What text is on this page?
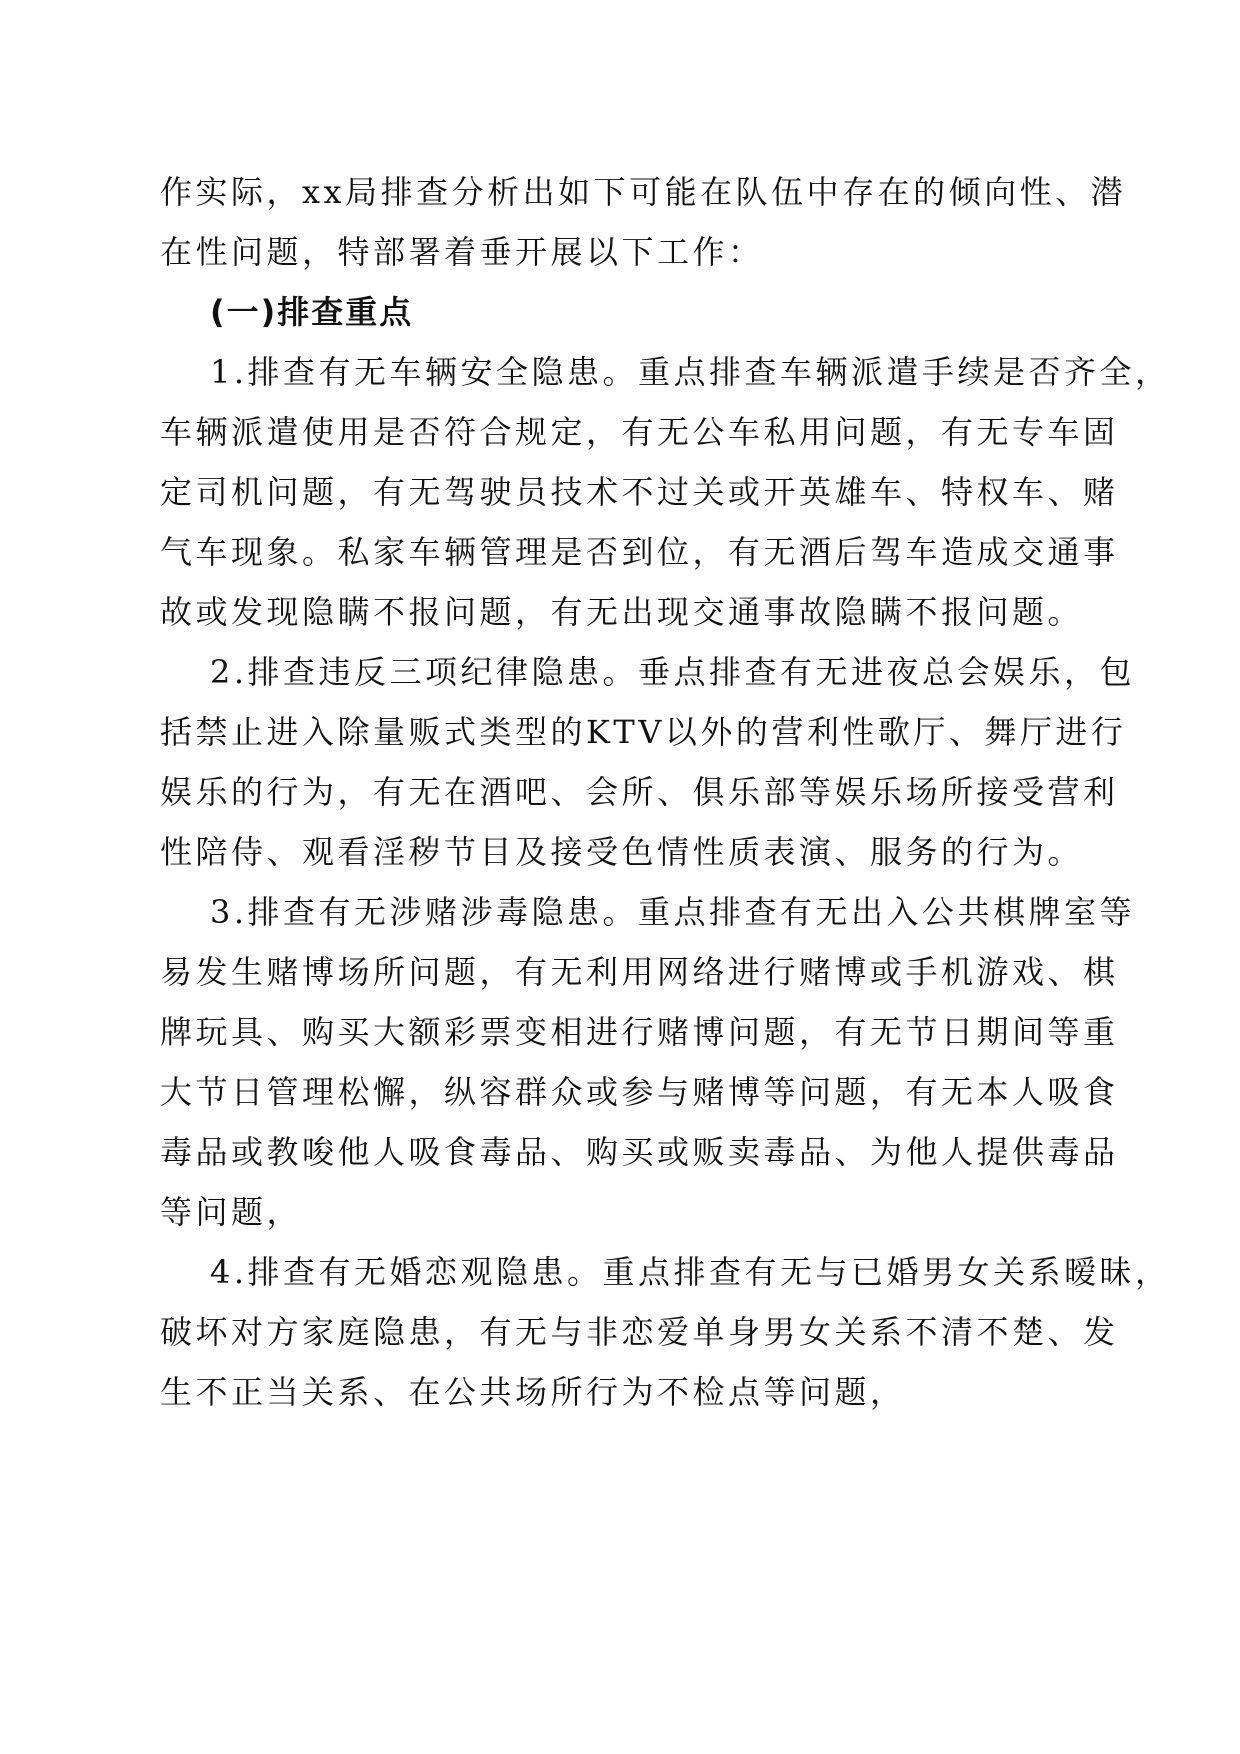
作实际，xx局排查分析出如下可能在队伍中存在的倾向性、潜
在性问题，特部署着垂开展以下工作：
(一)排查重点
1.排查有无车辆安全隐患。重点排查车辆派遣手续是否齐全，
车辆派遣使用是否符合规定，有无公车私用问题，有无专车固
定司机问题，有无驾驶员技术不过关或开英雄车、特权车、赌
气车现象。私家车辆管理是否到位，有无酒后驾车造成交通事
故或发现隐瞒不报问题，有无出现交通事故隐瞒不报问题。
2.排查违反三项纪律隐患。垂点排查有无进夜总会娱乐，包
括禁止进入除量贩式类型的KTV以外的营利性歌厅、舞厅进行
娱乐的行为，有无在酒吧、会所、俱乐部等娱乐场所接受营利
性陪侍、观看淫秽节目及接受色情性质表演、服务的行为。
3.排查有无涉赌涉毒隐患。重点排查有无出入公共棋牌室等
易发生赌博场所问题，有无利用网络进行赌博或手机游戏、棋
牌玩具、购买大额彩票变相进行赌博问题，有无节日期间等重
大节日管理松懈，纵容群众或参与赌博等问题，有无本人吸食
毒品或教唆他人吸食毒品、购买或贩卖毒品、为他人提供毒品
等问题，
4.排查有无婚恋观隐患。重点排查有无与已婚男女关系暧昧，
破坏对方家庭隐患，有无与非恋爱单身男女关系不清不楚、发
生不正当关系、在公共场所行为不检点等问题，
